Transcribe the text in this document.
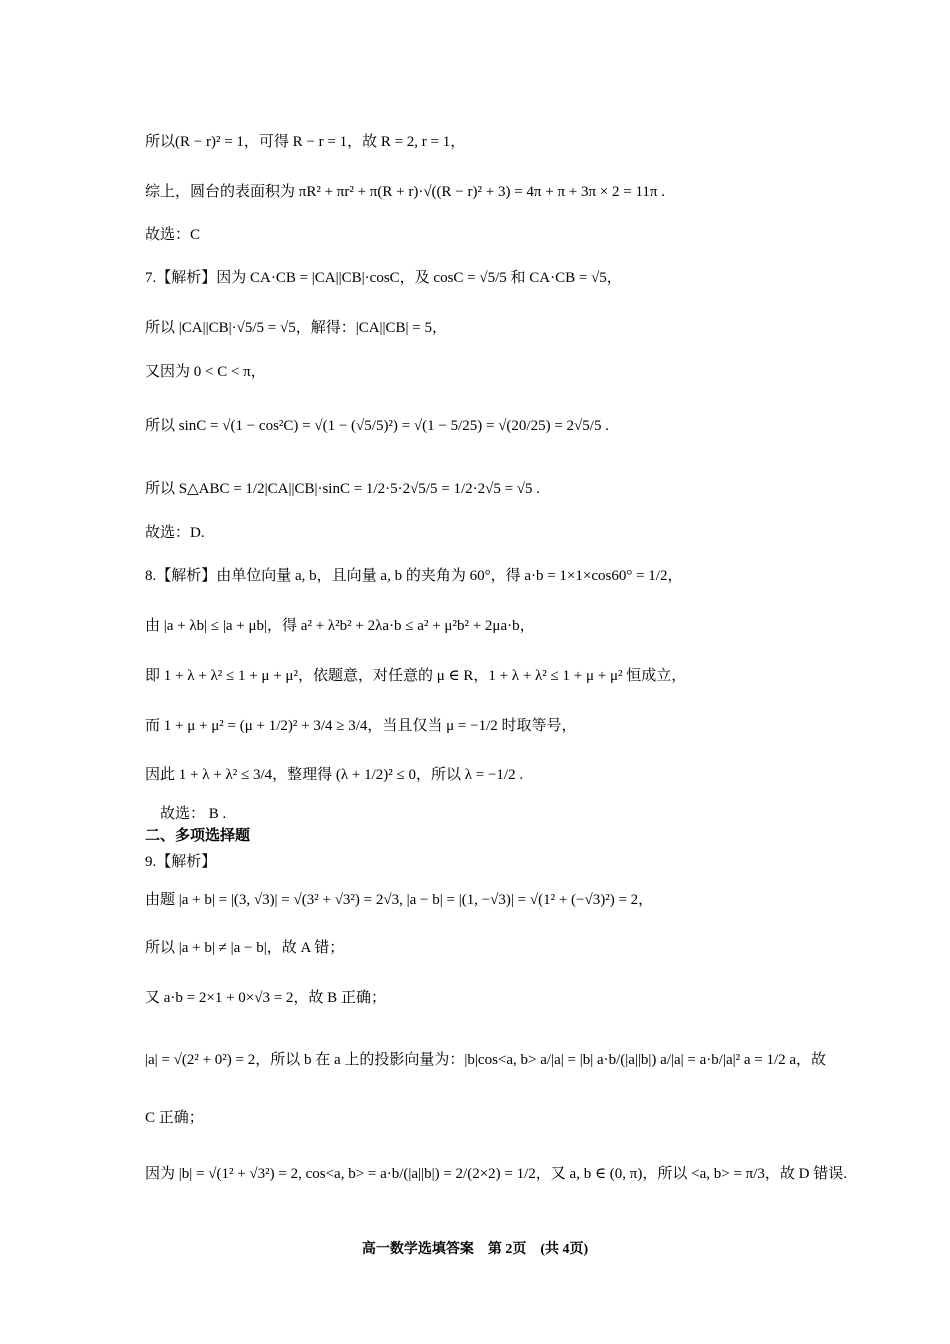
所以(R − r)² = 1，可得 R − r = 1，故 R = 2, r = 1，
综上，圆台的表面积为 πR² + πr² + π(R + r)·√((R − r)² + 3) = 4π + π + 3π × 2 = 11π .
故选：C
7.【解析】因为 CA·CB = |CA||CB|·cosC，及 cosC = √5/5 和 CA·CB = √5，
所以 |CA||CB|·√5/5 = √5，解得：|CA||CB| = 5，
又因为 0 < C < π，
所以 sinC = √(1 − cos²C) = √(1 − (√5/5)²) = √(1 − 5/25) = √(20/25) = 2√5/5 .
所以 S△ABC = 1/2|CA||CB|·sinC = 1/2·5·2√5/5 = 1/2·2√5 = √5 .
故选：D.
8.【解析】由单位向量 a, b，且向量 a, b 的夹角为 60°，得 a·b = 1×1×cos60° = 1/2，
由 |a + λb| ≤ |a + μb|，得 a² + λ²b² + 2λa·b ≤ a² + μ²b² + 2μa·b，
即 1 + λ + λ² ≤ 1 + μ + μ²，依题意，对任意的 μ ∈ R，1 + λ + λ² ≤ 1 + μ + μ² 恒成立，
而 1 + μ + μ² = (μ + 1/2)² + 3/4 ≥ 3/4，当且仅当 μ = −1/2 时取等号，
因此 1 + λ + λ² ≤ 3/4，整理得 (λ + 1/2)² ≤ 0，所以 λ = −1/2 .
故选： B .
二、多项选择题
9.【解析】
由题 |a + b| = |(3, √3)| = √(3² + √3²) = 2√3, |a − b| = |(1, −√3)| = √(1² + (−√3)²) = 2，
所以 |a + b| ≠ |a − b|，故 A 错；
又 a·b = 2×1 + 0×√3 = 2，故 B 正确；
|a| = √(2² + 0²) = 2，所以 b 在 a 上的投影向量为：|b|cos<a, b> a/|a| = |b| a·b/(|a||b|) a/|a| = a·b/|a|² a = 1/2 a，故
C 正确；
因为 |b| = √(1² + √3²) = 2, cos<a, b> = a·b/(|a||b|) = 2/(2×2) = 1/2，又 a, b ∈ (0, π)，所以 <a, b> = π/3，故 D 错误.
高一数学选填答案　第 2页　(共 4页)
